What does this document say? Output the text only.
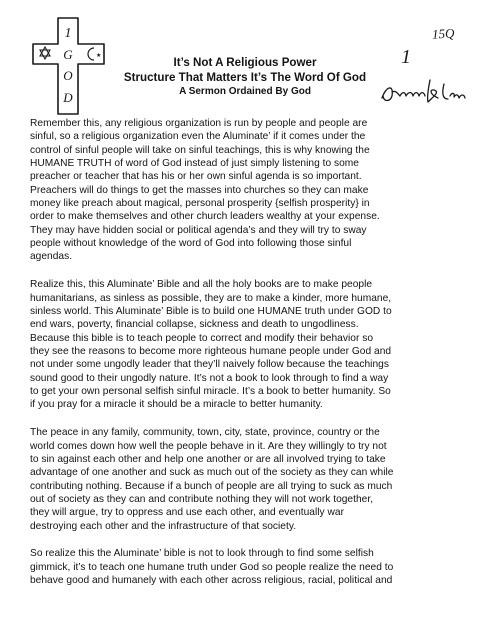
1
G
O
D
★
15Q
1
It’s Not A Religious Power
Structure That Matters It’s The Word Of God
A Sermon Ordained By God
Remember this, any religious organization is run by people and people are
sinful, so a religious organization even the Aluminate’ if it comes under the
control of sinful people will take on sinful teachings, this is why knowing the
HUMANE TRUTH of word of God instead of just simply listening to some
preacher or teacher that has his or her own sinful agenda is so important.
Preachers will do things to get the masses into churches so they can make
money like preach about magical, personal prosperity {selfish prosperity} in
order to make themselves and other church leaders wealthy at your expense.
They may have hidden social or political agenda’s and they will try to sway
people without knowledge of the word of God into following those sinful
agendas.
Realize this, this Aluminate’ Bible and all the holy books are to make people
humanitarians, as sinless as possible, they are to make a kinder, more humane,
sinless world. This Aluminate’ Bible is to build one HUMANE truth under GOD to
end wars, poverty, financial collapse, sickness and death to ungodliness.
Because this bible is to teach people to correct and modify their behavior so
they see the reasons to become more righteous humane people under God and
not under some ungodly leader that they’ll naively follow because the teachings
sound good to their ungodly nature. It’s not a book to look through to find a way
to get your own personal selfish sinful miracle. It’s a book to better humanity. So
if you pray for a miracle it should be a miracle to better humanity.
The peace in any family, community, town, city, state, province, country or the
world comes down how well the people behave in it. Are they willingly to try not
to sin against each other and help one another or are all involved trying to take
advantage of one another and suck as much out of the society as they can while
contributing nothing. Because if a bunch of people are all trying to suck as much
out of society as they can and contribute nothing they will not work together,
they will argue, try to oppress and use each other, and eventually war
destroying each other and the infrastructure of that society.
So realize this the Aluminate’ bible is not to look through to find some selfish
gimmick, it’s to teach one humane truth under God so people realize the need to
behave good and humanely with each other across religious, racial, political and
